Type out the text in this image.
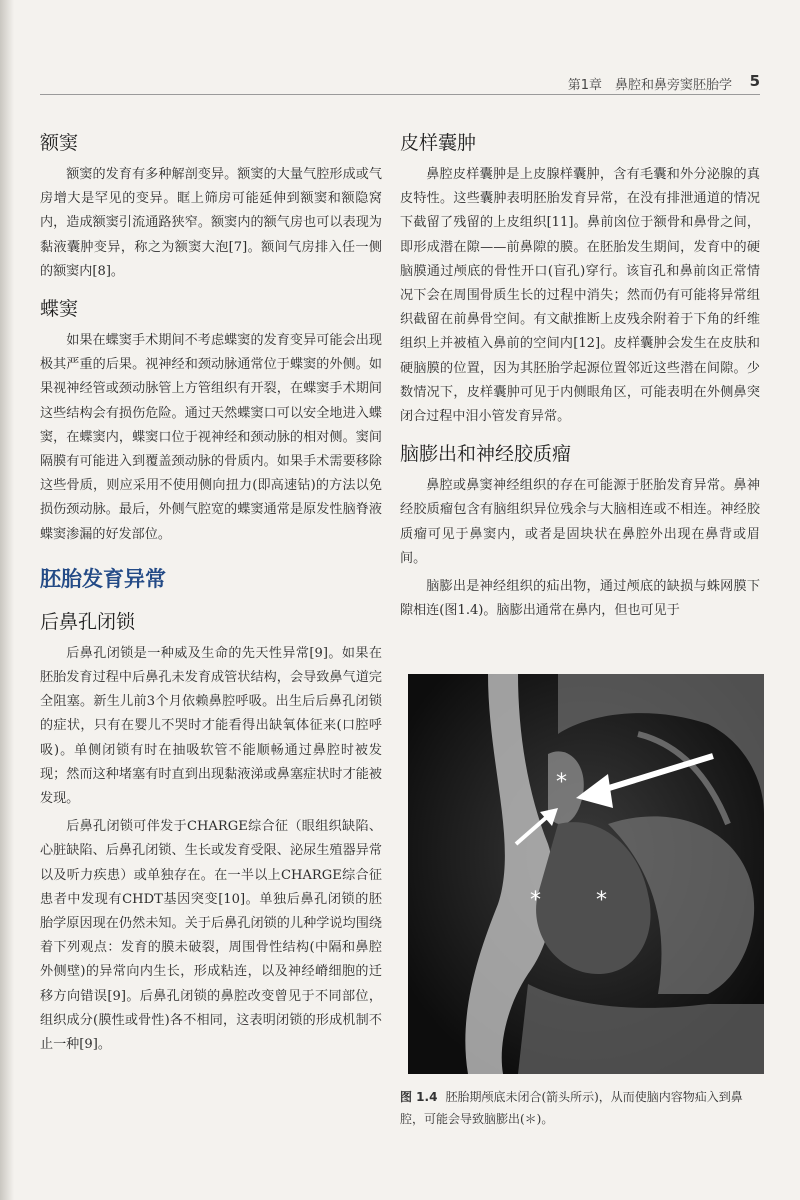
第1章　鼻腔和鼻旁窦胚胎学 5
额窦

额窦的发育有多种解剖变异。额窦的大量气腔形成或气房增大是罕见的变异。眶上筛房可能延伸到额窦和额隐窝内，造成额窦引流通路狭窄。额窦内的额气房也可以表现为黏液囊肿变异，称之为额窦大泡[7]。额间气房排入任一侧的额窦内[8]。

蝶窦

如果在蝶窦手术期间不考虑蝶窦的发育变异可能会出现极其严重的后果。视神经和颈动脉通常位于蝶窦的外侧。如果视神经管或颈动脉管上方管组织有开裂，在蝶窦手术期间这些结构会有损伤危险。通过天然蝶窦口可以安全地进入蝶窦，在蝶窦内，蝶窦口位于视神经和颈动脉的相对侧。窦间隔膜有可能进入到覆盖颈动脉的骨质内。如果手术需要移除这些骨质，则应采用不使用侧向扭力(即高速钻)的方法以免损伤颈动脉。最后，外侧气腔宽的蝶窦通常是原发性脑脊液蝶窦渗漏的好发部位。

胚胎发育异常
后鼻孔闭锁

后鼻孔闭锁是一种威及生命的先天性异常[9]。如果在胚胎发育过程中后鼻孔未发育成管状结构，会导致鼻气道完全阻塞。新生儿前3个月依赖鼻腔呼吸。出生后后鼻孔闭锁的症状，只有在婴儿不哭时才能看得出缺氧体征来(口腔呼吸)。单侧闭锁有时在抽吸软管不能顺畅通过鼻腔时被发现；然而这种堵塞有时直到出现黏液涕或鼻塞症状时才能被发现。

后鼻孔闭锁可伴发于CHARGE综合征（眼组织缺陷、心脏缺陷、后鼻孔闭锁、生长或发育受限、泌尿生殖器异常以及听力疾患）或单独存在。在一半以上CHARGE综合征患者中发现有CHDT基因突变[10]。单独后鼻孔闭锁的胚胎学原因现在仍然未知。关于后鼻孔闭锁的儿种学说均围绕着下列观点：发育的膜未破裂，周围骨性结构(中隔和鼻腔外侧壁)的异常向内生长，形成粘连，以及神经嵴细胞的迁移方向错误[9]。后鼻孔闭锁的鼻腔改变曾见于不同部位，组织成分(膜性或骨性)各不相同，这表明闭锁的形成机制不止一种[9]。

皮样囊肿

鼻腔皮样囊肿是上皮腺样囊肿，含有毛囊和外分泌腺的真皮特性。这些囊肿表明胚胎发育异常，在没有排泄通道的情况下截留了残留的上皮组织[11]。鼻前囟位于额骨和鼻骨之间，即形成潜在隙——前鼻隙的膜。在胚胎发生期间，发育中的硬脑膜通过颅底的骨性开口(盲孔)穿行。该盲孔和鼻前囟正常情况下会在周围骨质生长的过程中消失；然而仍有可能将异常组织截留在前鼻骨空间。有文献推断上皮残余附着于下角的纤维组织上并被植入鼻前的空间内[12]。皮样囊肿会发生在皮肤和硬脑膜的位置，因为其胚胎学起源位置邻近这些潜在间隙。少数情况下，皮样囊肿可见于内侧眼角区，可能表明在外侧鼻突闭合过程中泪小管发育异常。

脑膨出和神经胶质瘤

鼻腔或鼻窦神经组织的存在可能源于胚胎发育异常。鼻神经胶质瘤包含有脑组织异位残余与大脑相连或不相连。神经胶质瘤可见于鼻窦内，或者是固块状在鼻腔外出现在鼻背或眉间。

脑膨出是神经组织的疝出物，通过颅底的缺损与蛛网膜下隙相连(图1.4)。脑膨出通常在鼻内，但也可见于

*
*	*
图 1.4 胚胎期颅底未闭合(箭头所示)，从而使脑内容物疝入到鼻腔，可能会导致脑膨出(＊)。
